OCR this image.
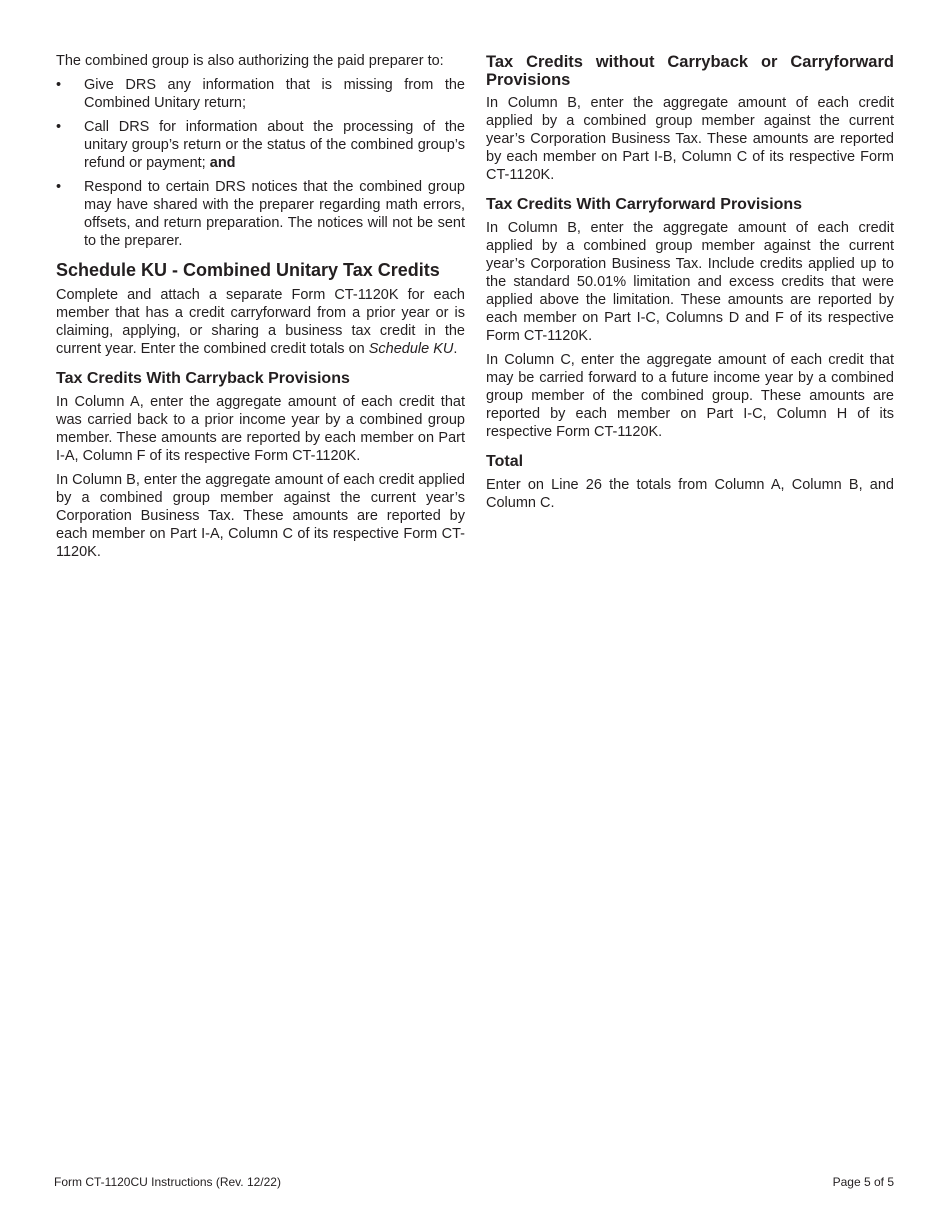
The combined group is also authorizing the paid preparer to:

• Give DRS any information that is missing from the Combined Unitary return;
• Call DRS for information about the processing of the unitary group’s return or the status of the combined group’s refund or payment; and
• Respond to certain DRS notices that the combined group may have shared with the preparer regarding math errors, offsets, and return preparation. The notices will not be sent to the preparer.
Schedule KU - Combined Unitary Tax Credits

Complete and attach a separate Form CT-1120K for each member that has a credit carryforward from a prior year or is claiming, applying, or sharing a business tax credit in the current year. Enter the combined credit totals on Schedule KU.

Tax Credits With Carryback Provisions

In Column A, enter the aggregate amount of each credit that was carried back to a prior income year by a combined group member. These amounts are reported by each member on Part I-A, Column F of its respective Form CT-1120K.

In Column B, enter the aggregate amount of each credit applied by a combined group member against the current year’s Corporation Business Tax. These amounts are reported by each member on Part I-A, Column C of its respective Form CT-1120K.

Tax Credits without Carryback or Carryforward Provisions

In Column B, enter the aggregate amount of each credit applied by a combined group member against the current year’s Corporation Business Tax. These amounts are reported by each member on Part I-B, Column C of its respective Form CT-1120K.

Tax Credits With Carryforward Provisions

In Column B, enter the aggregate amount of each credit applied by a combined group member against the current year’s Corporation Business Tax. Include credits applied up to the standard 50.01% limitation and excess credits that were applied above the limitation. These amounts are reported by each member on Part I-C, Columns D and F of its respective Form CT-1120K.

In Column C, enter the aggregate amount of each credit that may be carried forward to a future income year by a combined group member of the combined group. These amounts are reported by each member on Part I-C, Column H of its respective Form CT-1120K.

Total

Enter on Line 26 the totals from Column A, Column B, and Column C.

Form CT-1120CU Instructions (Rev. 12/22)	Page 5 of 5
